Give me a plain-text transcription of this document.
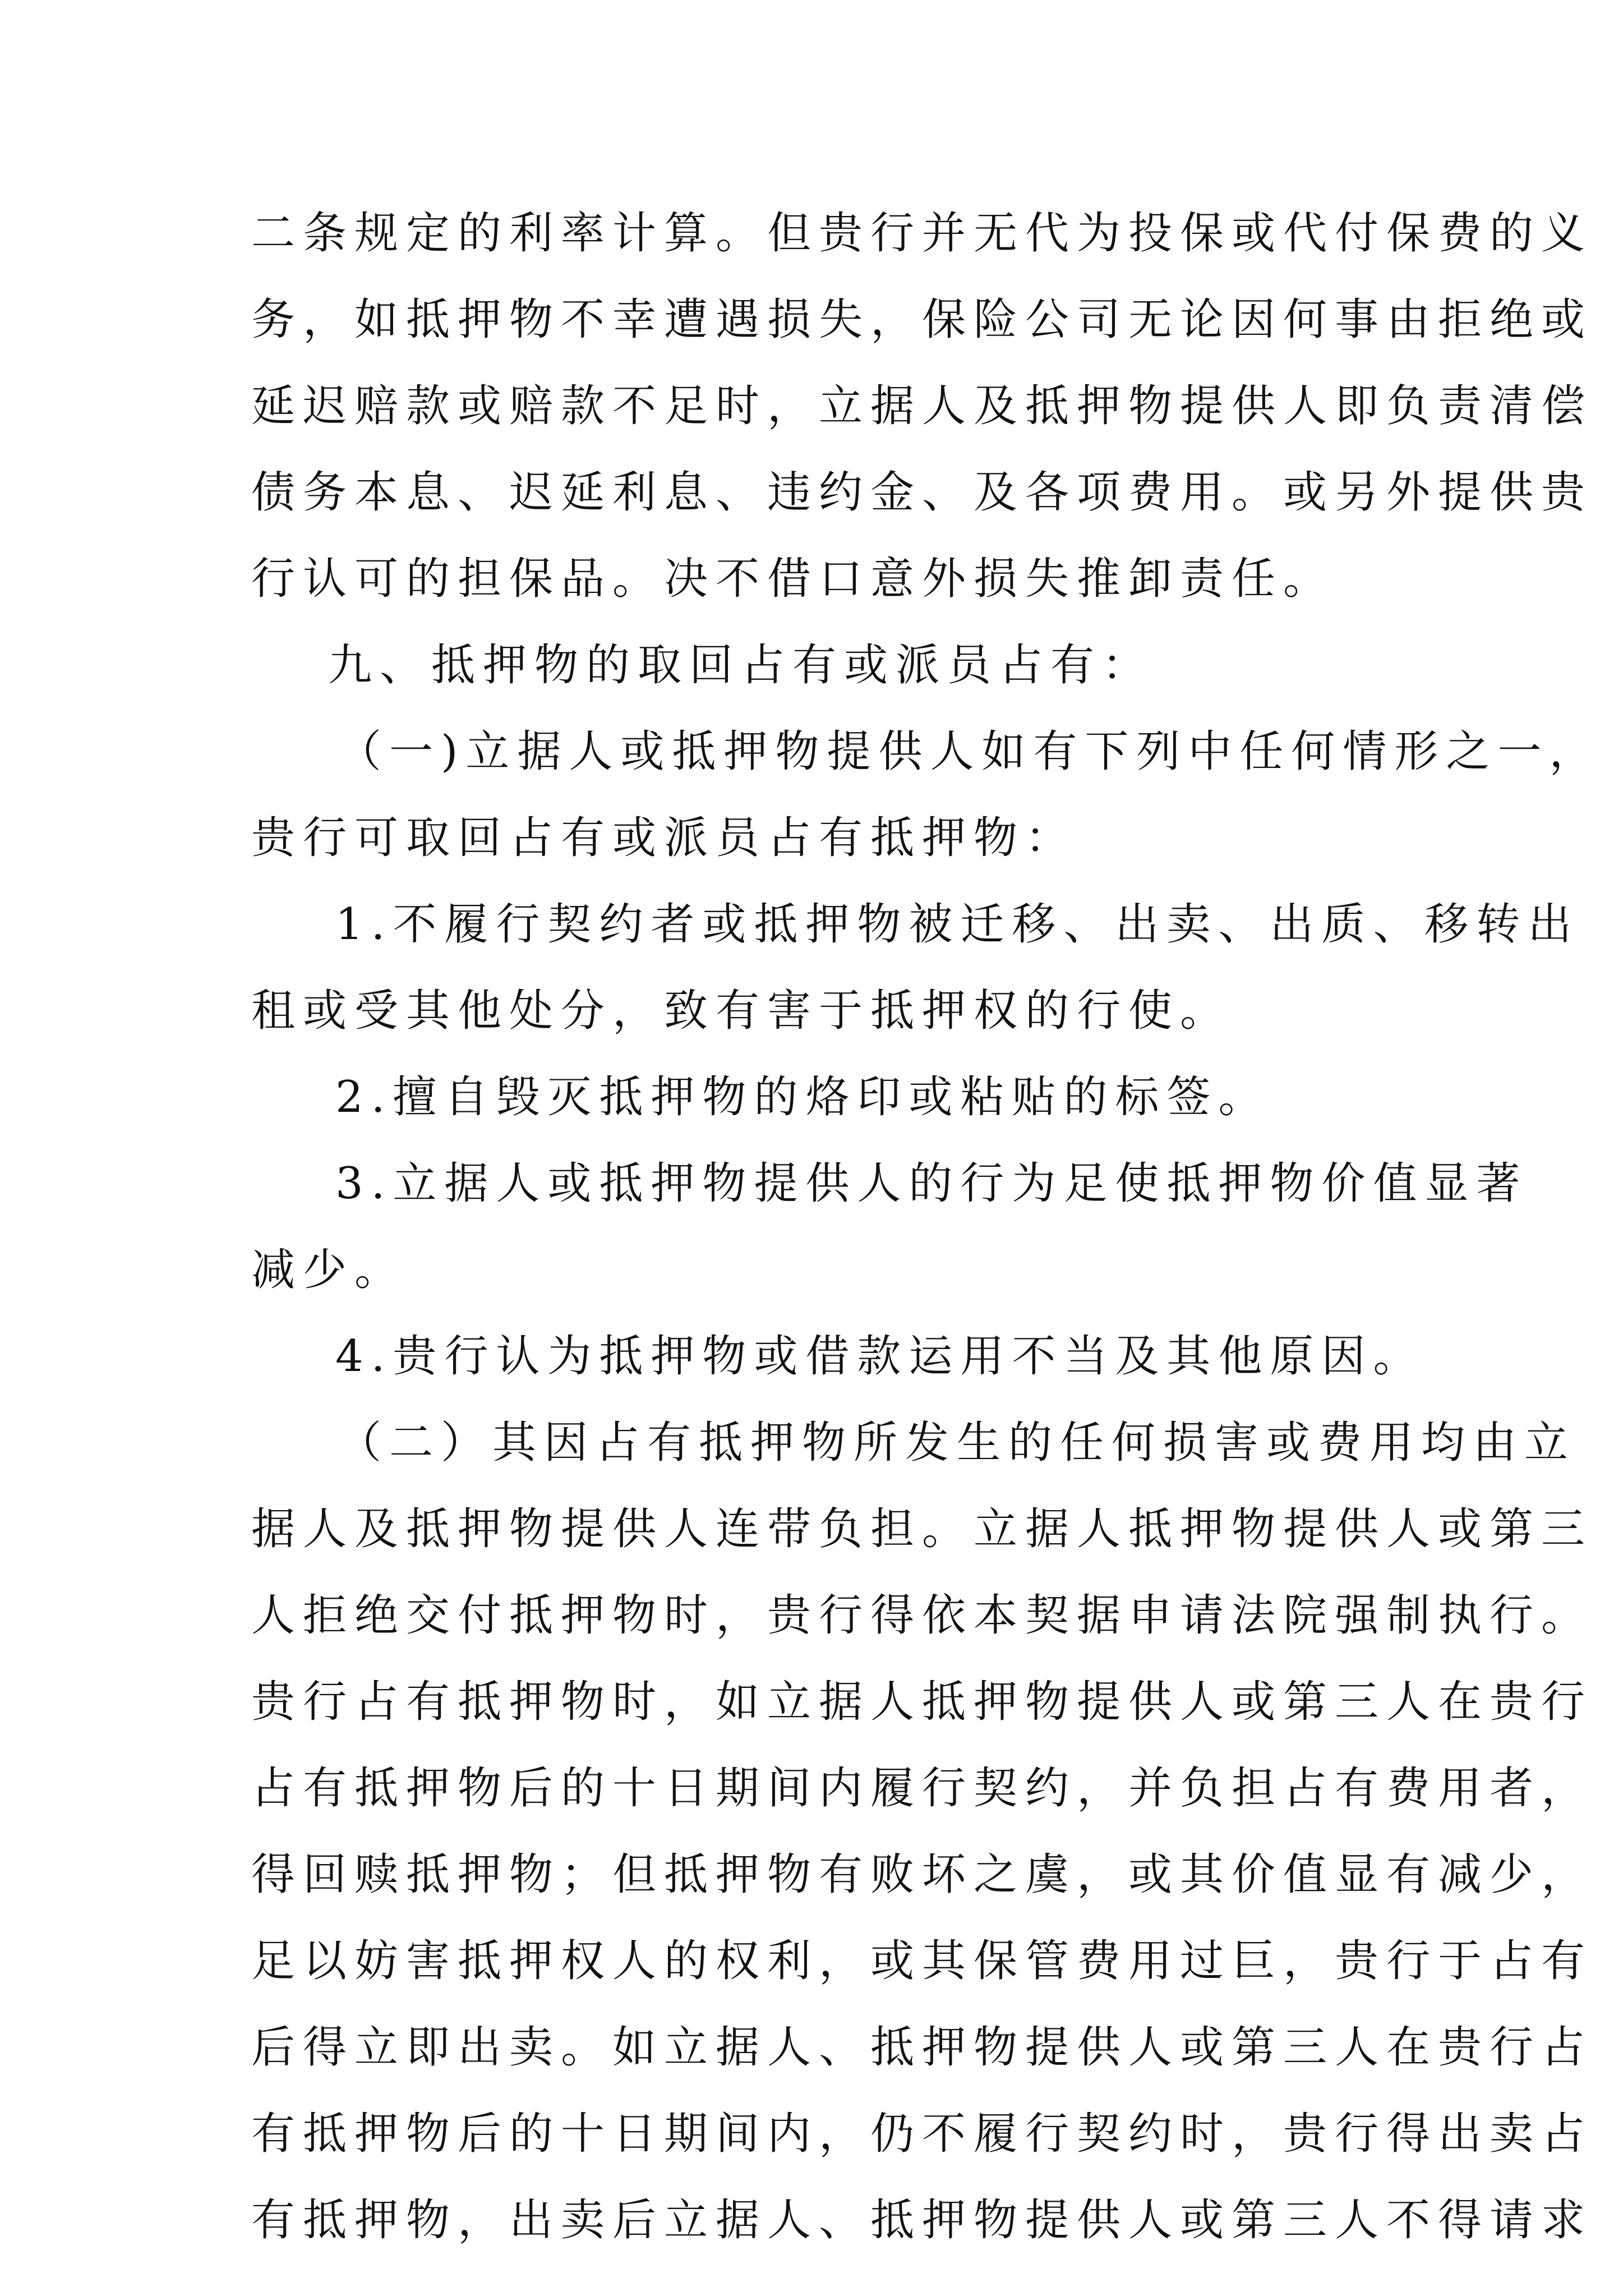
二条规定的利率计算。但贵行并无代为投保或代付保费的义

务，如抵押物不幸遭遇损失，保险公司无论因何事由拒绝或

延迟赔款或赔款不足时，立据人及抵押物提供人即负责清偿

债务本息、迟延利息、违约金、及各项费用。或另外提供贵

行认可的担保品。决不借口意外损失推卸责任。

九、抵押物的取回占有或派员占有：

（一)立据人或抵押物提供人如有下列中任何情形之一，

贵行可取回占有或派员占有抵押物：

1.不履行契约者或抵押物被迁移、出卖、出质、移转出

租或受其他处分，致有害于抵押权的行使。

2.擅自毁灭抵押物的烙印或粘贴的标签。

3.立据人或抵押物提供人的行为足使抵押物价值显著

减少。

4.贵行认为抵押物或借款运用不当及其他原因。

（二）其因占有抵押物所发生的任何损害或费用均由立

据人及抵押物提供人连带负担。立据人抵押物提供人或第三

人拒绝交付抵押物时，贵行得依本契据申请法院强制执行。

贵行占有抵押物时，如立据人抵押物提供人或第三人在贵行

占有抵押物后的十日期间内履行契约，并负担占有费用者，

得回赎抵押物；但抵押物有败坏之虞，或其价值显有减少，

足以妨害抵押权人的权利，或其保管费用过巨，贵行于占有

后得立即出卖。如立据人、抵押物提供人或第三人在贵行占

有抵押物后的十日期间内，仍不履行契约时，贵行得出卖占

有抵押物，出卖后立据人、抵押物提供人或第三人不得请求
